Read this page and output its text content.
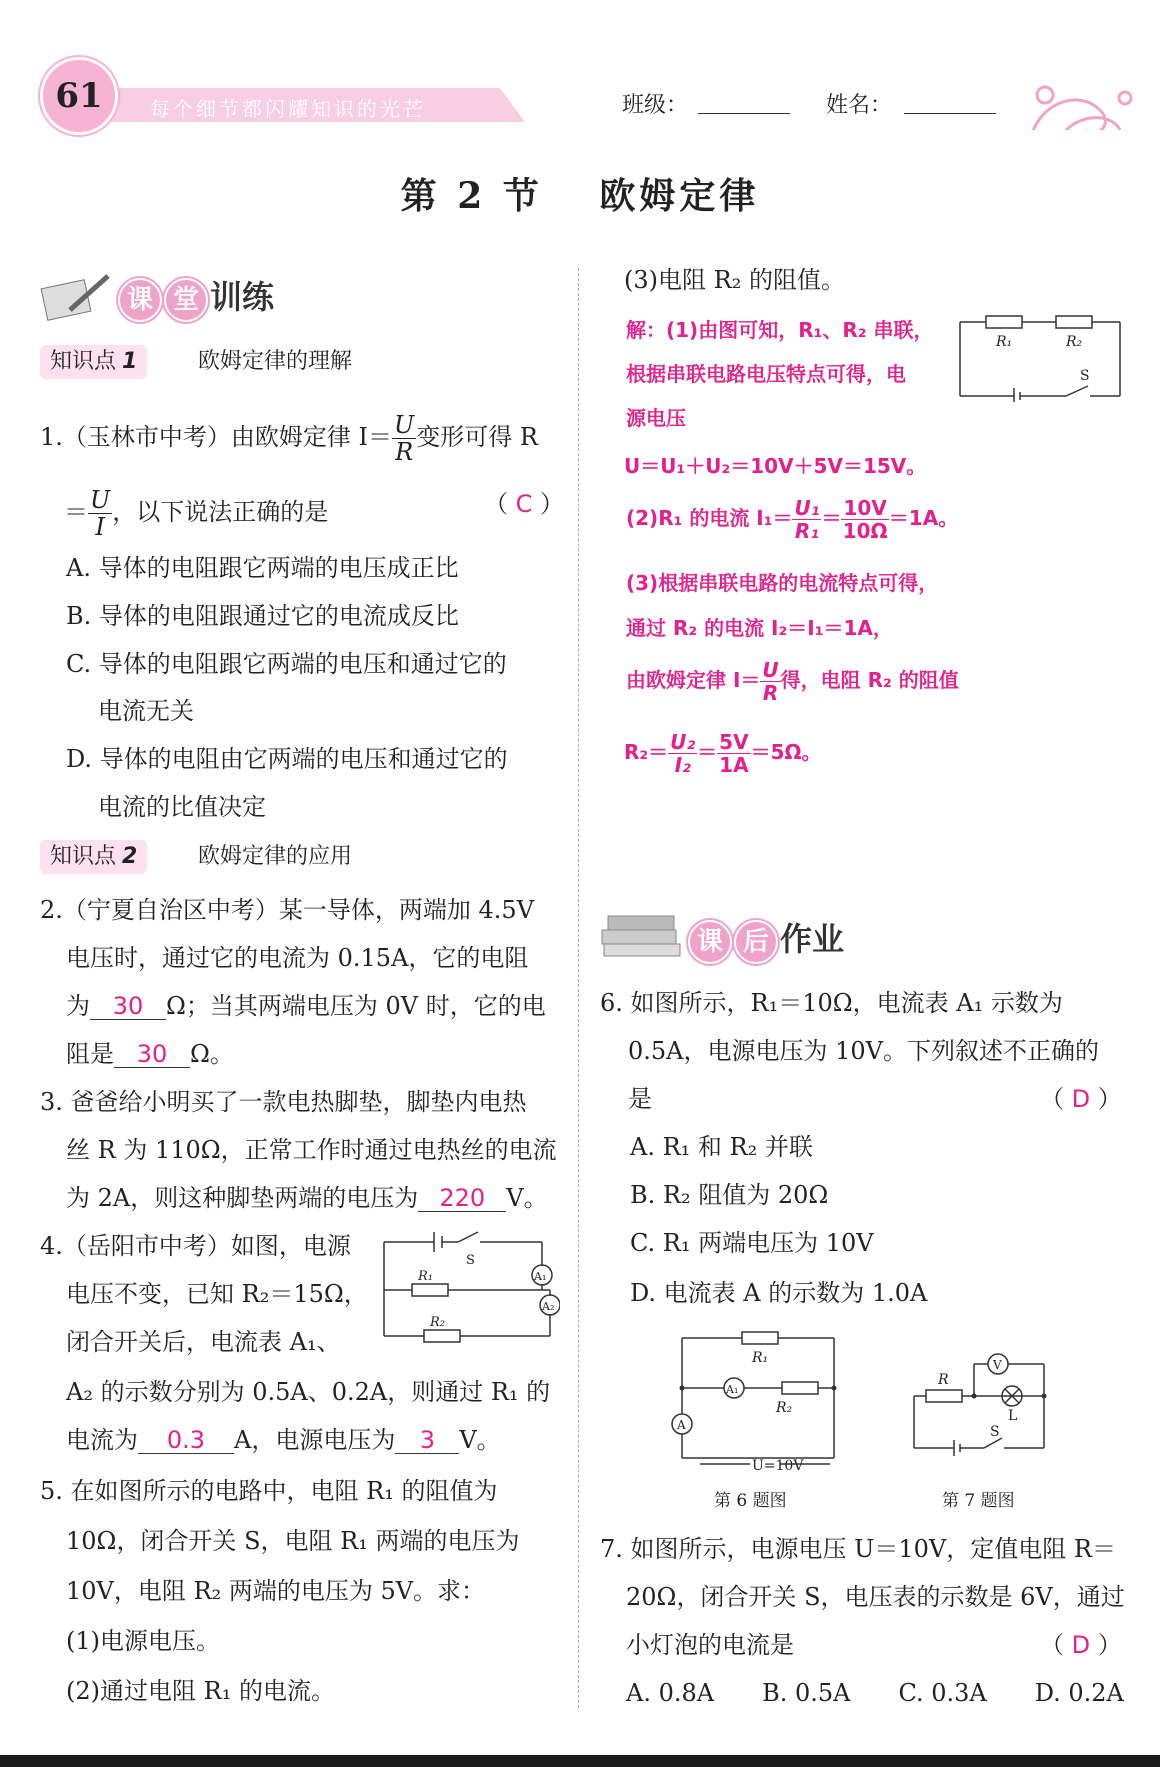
61	每个细节都闪耀知识的光芒	班级：	姓名：
第 2 节　 欧姆定律
课 堂 训练
知识点 1	欧姆定律的理解
1.（玉林市中考）由欧姆定律 $I= \frac{U}{R}$ 变形可得 R
＝ $\frac{U}{I}$ ，以下说法正确的是	（ C ）
A. 导体的电阻跟它两端的电压成正比
B. 导体的电阻跟通过它的电流成反比
C. 导体的电阻跟它两端的电压和通过它的
电流无关
D. 导体的电阻由它两端的电压和通过它的
电流的比值决定
知识点 2	欧姆定律的应用
2.（宁夏自治区中考）某一导体，两端加 4.5V
电压时，通过它的电流为 0.15A，它的电阻
为 30 Ω；当其两端电压为 0V 时，它的电
阻是 30 Ω。
3. 爸爸给小明买了一款电热脚垫，脚垫内电热
丝 R 为 110Ω，正常工作时通过电热丝的电流
为 2A，则这种脚垫两端的电压为 220 V。
4.（岳阳市中考）如图，电源
电压不变，已知 R₂＝15Ω，
闭合开关后，电流表 A₁、
S
R₁
R₂
A₁
A₂
A₂ 的示数分别为 0.5A、0.2A，则通过 R₁ 的
电流为 0.3 A，电源电压为 3 V。
5. 在如图所示的电路中，电阻 R₁ 的阻值为
10Ω，闭合开关 S，电阻 R₁ 两端的电压为
10V，电阻 R₂ 两端的电压为 5V。求：
(1)电源电压。
(2)通过电阻 R₁ 的电流。
(3)电阻 R₂ 的阻值。
解：(1)由图可知，R₁、R₂ 串联，
根据串联电路电压特点可得，电
源电压
U＝U₁＋U₂＝10V＋5V＝15V。
(2)R₁ 的电流 $I_1= \frac{\text{U₁}}{\text{R₁}} = \frac{10V}{10\Omega} =1A$。
(3)根据串联电路的电流特点可得，
通过 R₂ 的电流 I₂＝I₁＝1A，
由欧姆定律 $I= \frac{U}{R}$ 得，电阻 R₂ 的阻值
$R_2= \frac{\text{U₂}}{\text{I₂}} = \frac{5V}{1A} =5\Omega$。
R₁	R₂
S
课 后 作业
6. 如图所示，R₁＝10Ω，电流表 A₁ 示数为
0.5A，电源电压为 10V。下列叙述不正确的
是	（ D ）
A. R₁ 和 R₂ 并联
B. R₂ 阻值为 20Ω
C. R₁ 两端电压为 10V
D. 电流表 A 的示数为 1.0A
R₁
A₁
R₂
A
U=10V
第 6 题图
R
V
L
S
第 7 题图
7. 如图所示，电源电压 U＝10V，定值电阻 R＝
20Ω，闭合开关 S，电压表的示数是 6V，通过
小灯泡的电流是	（ D ）
A. 0.8A　　B. 0.5A　　C. 0.3A　　D. 0.2A
